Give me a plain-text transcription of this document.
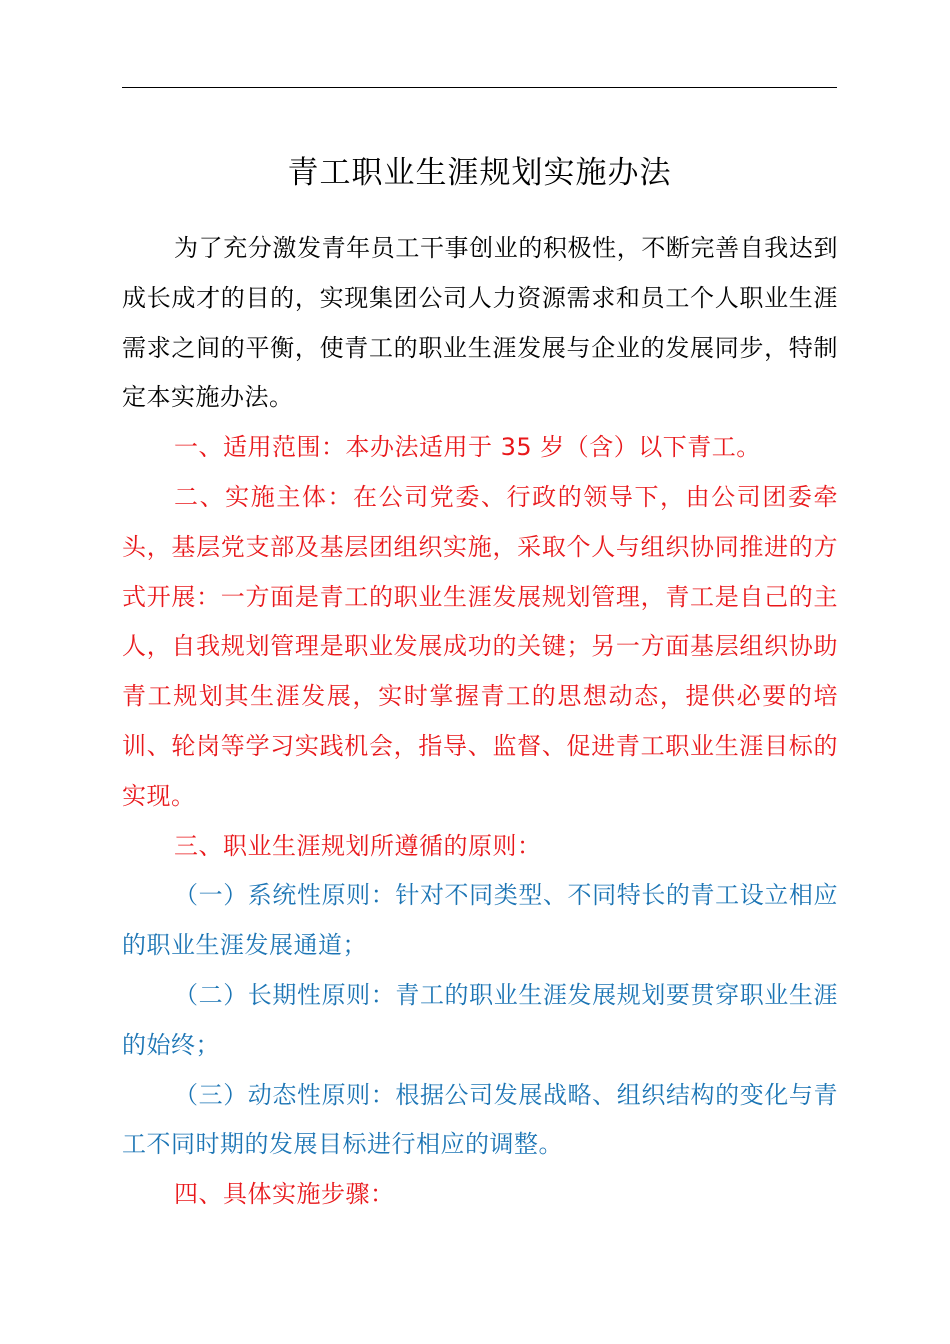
青工职业生涯规划实施办法

为了充分激发青年员工干事创业的积极性，不断完善自我达到成长成才的目的，实现集团公司人力资源需求和员工个人职业生涯需求之间的平衡，使青工的职业生涯发展与企业的发展同步，特制定本实施办法。

一、适用范围：本办法适用于 35 岁（含）以下青工。

二、实施主体：在公司党委、行政的领导下，由公司团委牵头，基层党支部及基层团组织实施，采取个人与组织协同推进的方式开展：一方面是青工的职业生涯发展规划管理，青工是自己的主人，自我规划管理是职业发展成功的关键；另一方面基层组织协助青工规划其生涯发展，实时掌握青工的思想动态，提供必要的培训、轮岗等学习实践机会，指导、监督、促进青工职业生涯目标的实现。

三、职业生涯规划所遵循的原则：

（一）系统性原则：针对不同类型、不同特长的青工设立相应的职业生涯发展通道；

（二）长期性原则：青工的职业生涯发展规划要贯穿职业生涯的始终；

（三）动态性原则：根据公司发展战略、组织结构的变化与青工不同时期的发展目标进行相应的调整。

四、具体实施步骤：
